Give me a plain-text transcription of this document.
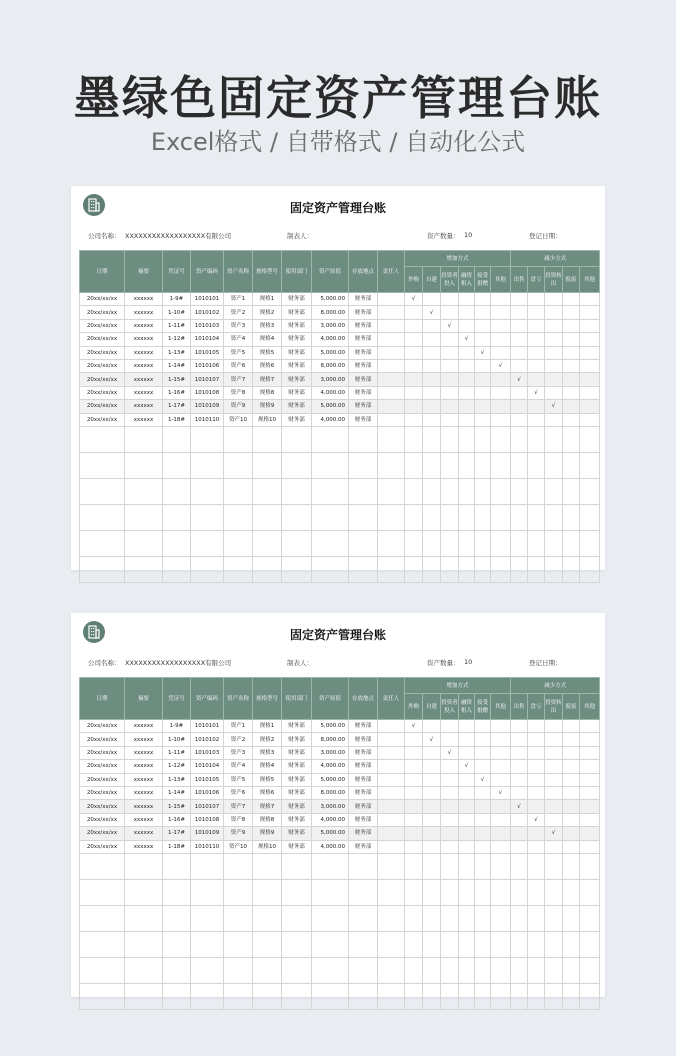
墨绿色固定资产管理台账
Excel格式 / 自带格式 / 自动化公式
固定资产管理台账
公司名称： XXXXXXXXXXXXXXXXXX有限公司	制表人：	资产数量： 10	登记日期：
日期	摘要	凭证号	资产编码	资产名称	规格型号	使用部门	资产原值	存放地点	责任人	增加方式						减少方式				
										外购	自建	投资者投入	融资租入	接受捐赠	其他	出售	盘亏	投资转出	报废	其他

20xx/xx/xx	xxxxxx	1-9#	1010101	资产1	规格1	财务部	5,000.00	财务部		√										
20xx/xx/xx	xxxxxx	1-10#	1010102	资产2	规格2	财务部	8,000.00	财务部			√									
20xx/xx/xx	xxxxxx	1-11#	1010103	资产3	规格3	财务部	3,000.00	财务部				√								
20xx/xx/xx	xxxxxx	1-12#	1010104	资产4	规格4	财务部	4,000.00	财务部					√							
20xx/xx/xx	xxxxxx	1-13#	1010105	资产5	规格5	财务部	5,000.00	财务部						√						
20xx/xx/xx	xxxxxx	1-14#	1010106	资产6	规格6	财务部	8,000.00	财务部							√					
20xx/xx/xx	xxxxxx	1-15#	1010107	资产7	规格7	财务部	3,000.00	财务部								√				
20xx/xx/xx	xxxxxx	1-16#	1010108	资产8	规格8	财务部	4,000.00	财务部									√			
20xx/xx/xx	xxxxxx	1-17#	1010109	资产9	规格9	财务部	5,000.00	财务部										√		
20xx/xx/xx	xxxxxx	1-18#	1010110	资产10	规格10	财务部	4,000.00	财务部												

固定资产管理台账
公司名称： XXXXXXXXXXXXXXXXXX有限公司	制表人：	资产数量： 10	登记日期：
日期	摘要	凭证号	资产编码	资产名称	规格型号	使用部门	资产原值	存放地点	责任人	增加方式						减少方式				
										外购	自建	投资者投入	融资租入	接受捐赠	其他	出售	盘亏	投资转出	报废	其他

20xx/xx/xx	xxxxxx	1-9#	1010101	资产1	规格1	财务部	5,000.00	财务部		√										
20xx/xx/xx	xxxxxx	1-10#	1010102	资产2	规格2	财务部	8,000.00	财务部			√									
20xx/xx/xx	xxxxxx	1-11#	1010103	资产3	规格3	财务部	3,000.00	财务部				√								
20xx/xx/xx	xxxxxx	1-12#	1010104	资产4	规格4	财务部	4,000.00	财务部					√							
20xx/xx/xx	xxxxxx	1-13#	1010105	资产5	规格5	财务部	5,000.00	财务部						√						
20xx/xx/xx	xxxxxx	1-14#	1010106	资产6	规格6	财务部	8,000.00	财务部							√					
20xx/xx/xx	xxxxxx	1-15#	1010107	资产7	规格7	财务部	3,000.00	财务部								√				
20xx/xx/xx	xxxxxx	1-16#	1010108	资产8	规格8	财务部	4,000.00	财务部									√			
20xx/xx/xx	xxxxxx	1-17#	1010109	资产9	规格9	财务部	5,000.00	财务部										√		
20xx/xx/xx	xxxxxx	1-18#	1010110	资产10	规格10	财务部	4,000.00	财务部												
